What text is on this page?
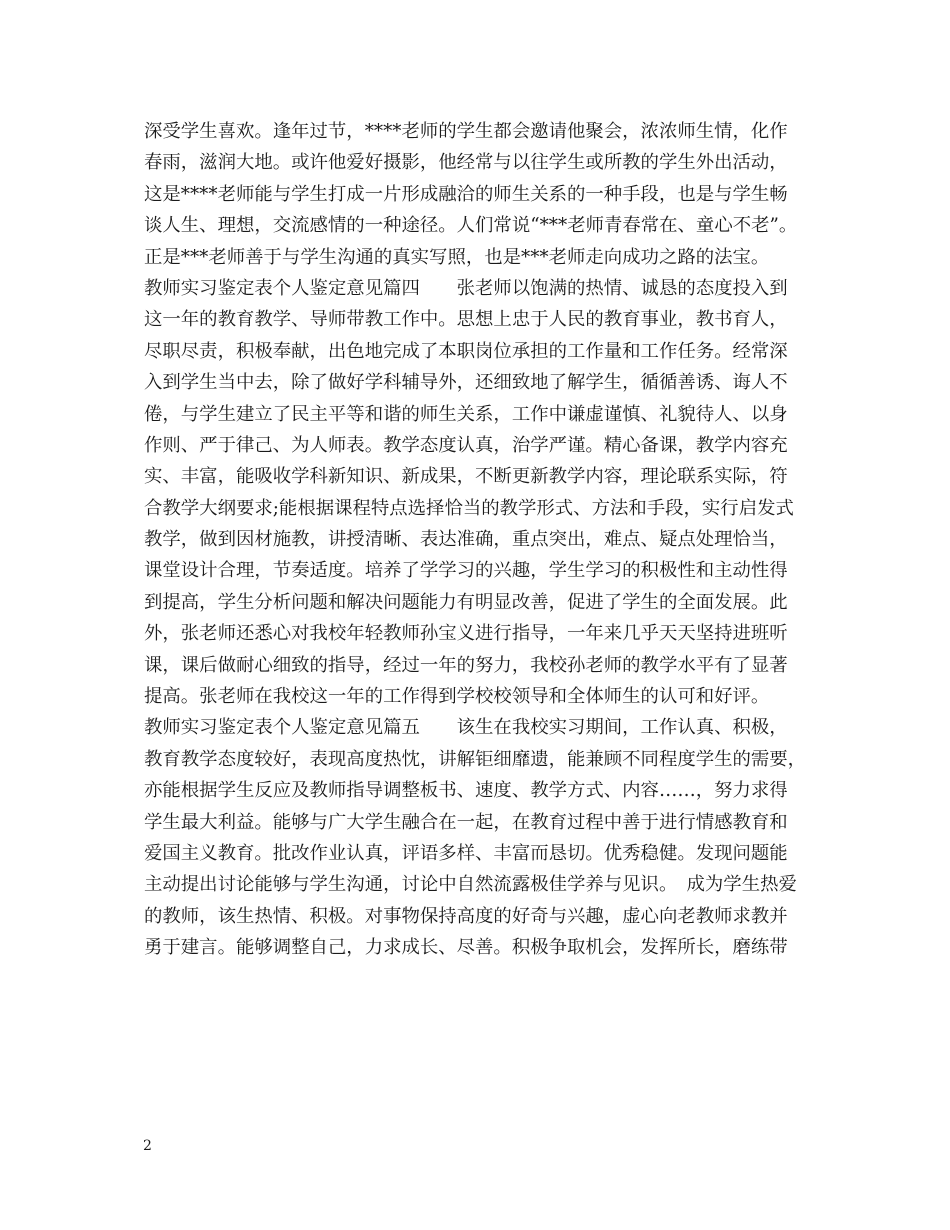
深受学生喜欢。逢年过节，****老师的学生都会邀请他聚会，浓浓师生情，化作
春雨，滋润大地。或许他爱好摄影，他经常与以往学生或所教的学生外出活动，
这是****老师能与学生打成一片形成融洽的师生关系的一种手段，也是与学生畅
谈人生、理想，交流感情的一种途径。人们常说“***老师青春常在、童心不老”。
正是***老师善于与学生沟通的真实写照，也是***老师走向成功之路的法宝。
教师实习鉴定表个人鉴定意见篇四　　张老师以饱满的热情、诚恳的态度投入到
这一年的教育教学、导师带教工作中。思想上忠于人民的教育事业，教书育人，
尽职尽责，积极奉献，出色地完成了本职岗位承担的工作量和工作任务。经常深
入到学生当中去，除了做好学科辅导外，还细致地了解学生，循循善诱、诲人不
倦，与学生建立了民主平等和谐的师生关系，工作中谦虚谨慎、礼貌待人、以身
作则、严于律己、为人师表。教学态度认真，治学严谨。精心备课，教学内容充
实、丰富，能吸收学科新知识、新成果，不断更新教学内容，理论联系实际，符
合教学大纲要求;能根据课程特点选择恰当的教学形式、方法和手段，实行启发式
教学，做到因材施教，讲授清晰、表达准确，重点突出，难点、疑点处理恰当，
课堂设计合理，节奏适度。培养了学学习的兴趣，学生学习的积极性和主动性得
到提高，学生分析问题和解决问题能力有明显改善，促进了学生的全面发展。此
外，张老师还悉心对我校年轻教师孙宝义进行指导，一年来几乎天天坚持进班听
课，课后做耐心细致的指导，经过一年的努力，我校孙老师的教学水平有了显著
提高。张老师在我校这一年的工作得到学校校领导和全体师生的认可和好评。
教师实习鉴定表个人鉴定意见篇五　　该生在我校实习期间，工作认真、积极，
教育教学态度较好，表现高度热忱，讲解钜细靡遗，能兼顾不同程度学生的需要，
亦能根据学生反应及教师指导调整板书、速度、教学方式、内容……，努力求得
学生最大利益。能够与广大学生融合在一起，在教育过程中善于进行情感教育和
爱国主义教育。批改作业认真，评语多样、丰富而恳切。优秀稳健。发现问题能
主动提出讨论能够与学生沟通，讨论中自然流露极佳学养与见识。　成为学生热爱
的教师，该生热情、积极。对事物保持高度的好奇与兴趣，虚心向老教师求教并
勇于建言。能够调整自己，力求成长、尽善。积极争取机会，发挥所长，磨练带
2
